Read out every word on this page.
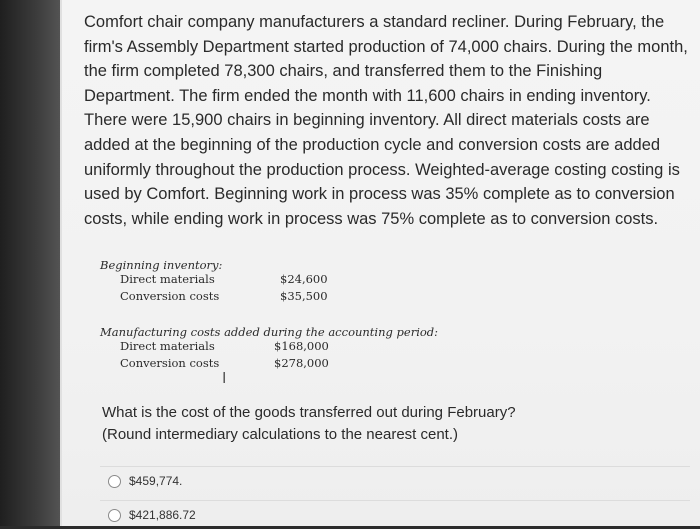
Comfort chair company manufacturers a standard recliner. During February, the firm's Assembly Department started production of 74,000 chairs. During the month, the firm completed 78,300 chairs, and transferred them to the Finishing Department. The firm ended the month with 11,600 chairs in ending inventory. There were 15,900 chairs in beginning inventory. All direct materials costs are added at the beginning of the production cycle and conversion costs are added uniformly throughout the production process. Weighted-average costing costing is used by Comfort. Beginning work in process was 35% complete as to conversion costs, while ending work in process was 75% complete as to conversion costs.

Beginning inventory:

Direct materials	$24,600
Conversion costs	$35,500

Manufacturing costs added during the accounting period:

Direct materials	$168,000
Conversion costs	$278,000
I

What is the cost of the goods transferred out during February?
(Round intermediary calculations to the nearest cent.)

$459,774.
$421,886.72
